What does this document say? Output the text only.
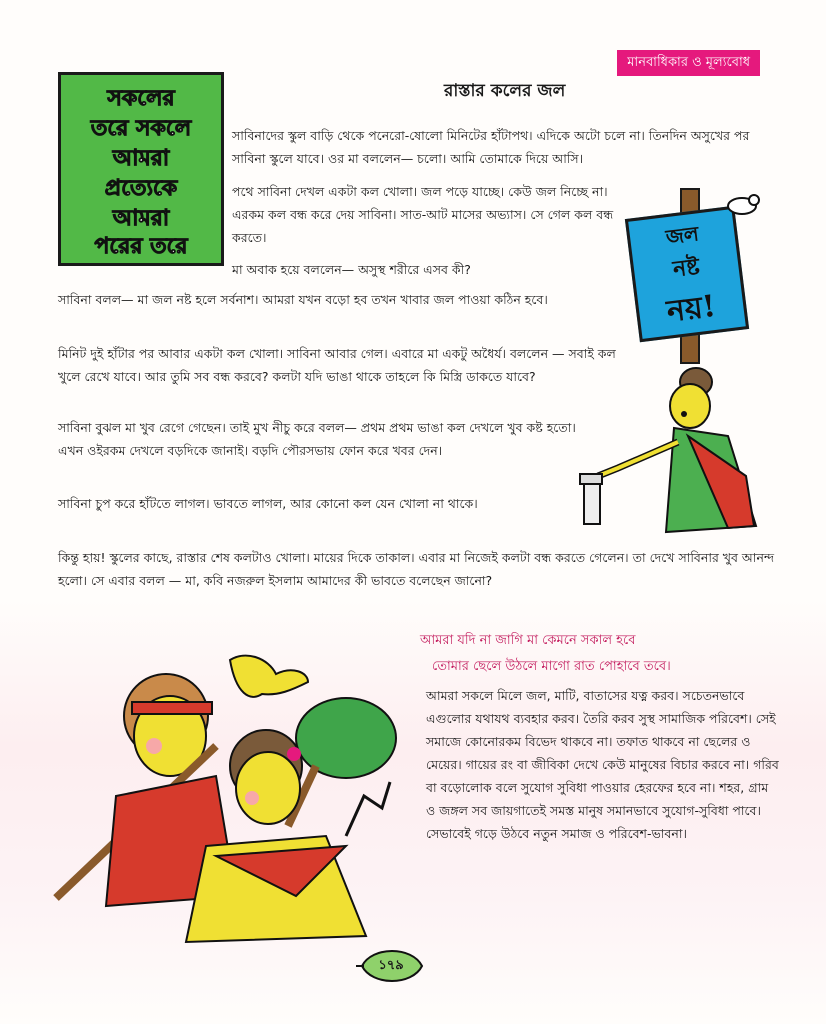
মানবাধিকার ও মূল্যবোধ
রাস্তার কলের জল
সকলের
তরে সকলে
আমরা
প্রত্যেকে
আমরা
পরের তরে

সাবিনাদের স্কুল বাড়ি থেকে পনেরো-ষোলো মিনিটের হাঁটাপথ। এদিকে অটো চলে না। তিনদিন অসুখের পর সাবিনা স্কুলে যাবে। ওর মা বললেন— চলো। আমি তোমাকে দিয়ে আসি।

পথে সাবিনা দেখল একটা কল খোলা। জল পড়ে যাচ্ছে। কেউ জল নিচ্ছে না। এরকম কল বন্ধ করে দেয় সাবিনা। সাত-আট মাসের অভ্যাস। সে গেল কল বন্ধ করতে।

মা অবাক হয়ে বললেন— অসুস্থ শরীরে এসব কী?

সাবিনা বলল— মা জল নষ্ট হলে সর্বনাশ। আমরা যখন বড়ো হব তখন খাবার জল পাওয়া কঠিন হবে।

মিনিট দুই হাঁটার পর আবার একটা কল খোলা। সাবিনা আবার গেল। এবারে মা একটু অধৈর্য। বললেন — সবাই কল খুলে রেখে যাবে। আর তুমি সব বন্ধ করবে? কলটা যদি ভাঙা থাকে তাহলে কি মিস্ত্রি ডাকতে যাবে?

সাবিনা বুঝল মা খুব রেগে গেছেন। তাই মুখ নীচু করে বলল— প্রথম প্রথম ভাঙা কল দেখলে খুব কষ্ট হতো। এখন ওইরকম দেখলে বড়দিকে জানাই। বড়দি পৌরসভায় ফোন করে খবর দেন।

সাবিনা চুপ করে হাঁটতে লাগল। ভাবতে লাগল, আর কোনো কল যেন খোলা না থাকে।

কিন্তু হায়! স্কুলের কাছে, রাস্তার শেষ কলটাও খোলা। মায়ের দিকে তাকাল। এবার মা নিজেই কলটা বন্ধ করতে গেলেন। তা দেখে সাবিনার খুব আনন্দ হলো। সে এবার বলল — মা, কবি নজরুল ইসলাম আমাদের কী ভাবতে বলেছেন জানো?

জল
নষ্ট
নয়!
আমরা যদি না জাগি মা কেমনে সকাল হবে
তোমার ছেলে উঠলে মাগো রাত পোহাবে তবে।

আমরা সকলে মিলে জল, মাটি, বাতাসের যত্ন করব। সচেতনভাবে এগুলোর যথাযথ ব্যবহার করব। তৈরি করব সুস্থ সামাজিক পরিবেশ। সেই সমাজে কোনোরকম বিভেদ থাকবে না। তফাত থাকবে না ছেলের ও মেয়ের। গায়ের রং বা জীবিকা দেখে কেউ মানুষের বিচার করবে না। গরিব বা বড়োলোক বলে সুযোগ সুবিধা পাওয়ার হেরফের হবে না। শহর, গ্রাম ও জঙ্গল সব জায়গাতেই সমস্ত মানুষ সমানভাবে সুযোগ-সুবিধা পাবে। সেভাবেই গড়ে উঠবে নতুন সমাজ ও পরিবেশ-ভাবনা।

১৭৯
